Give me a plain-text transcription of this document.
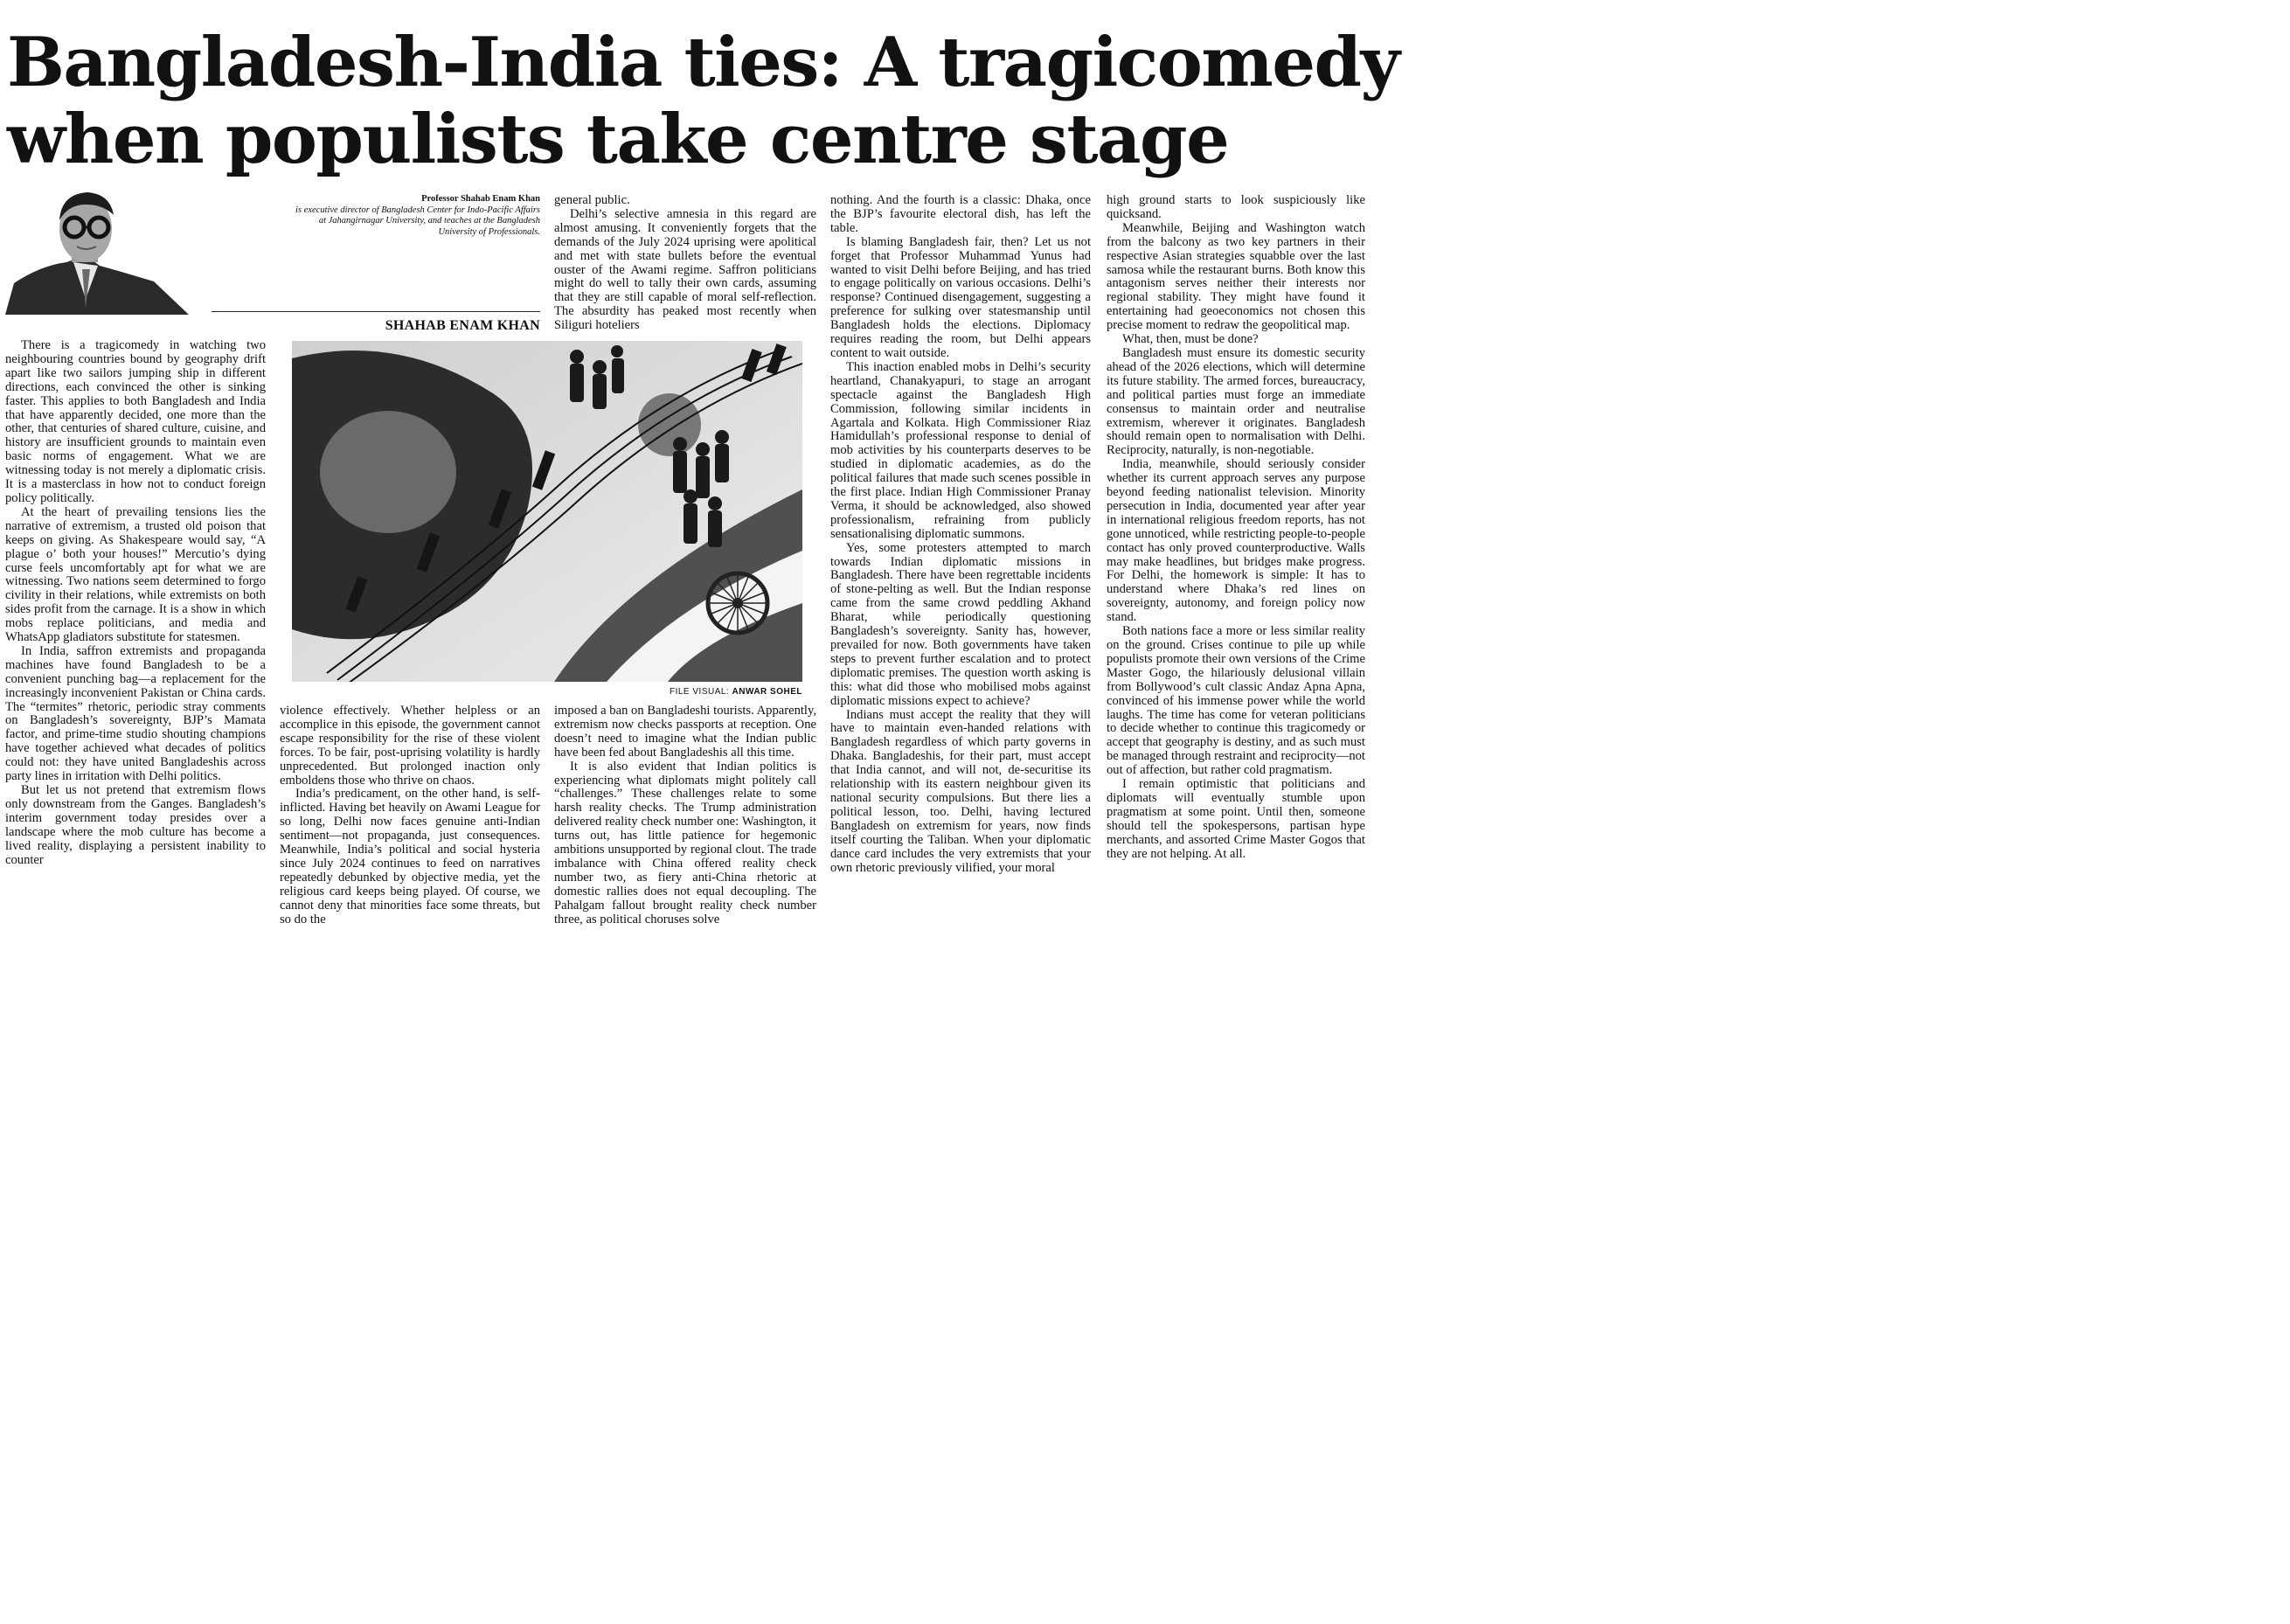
Bangladesh-India ties: A tragicomedy
when populists take centre stage
Professor Shahab Enam Khan
is executive director of Bangladesh Center for Indo-Pacific Affairs at Jahangirnagar University, and teaches at the Bangladesh University of Professionals.
SHAHAB ENAM KHAN

There is a tragicomedy in watching two neighbouring countries bound by geography drift apart like two sailors jumping ship in different directions, each convinced the other is sinking faster. This applies to both Bangladesh and India that have apparently decided, one more than the other, that centuries of shared culture, cuisine, and history are insufficient grounds to maintain even basic norms of engagement. What we are witnessing today is not merely a diplomatic crisis. It is a masterclass in how not to conduct foreign policy politically.

At the heart of prevailing tensions lies the narrative of extremism, a trusted old poison that keeps on giving. As Shakespeare would say, “A plague o’ both your houses!” Mercutio’s dying curse feels uncomfortably apt for what we are witnessing. Two nations seem determined to forgo civility in their relations, while extremists on both sides profit from the carnage. It is a show in which mobs replace politicians, and media and WhatsApp gladiators substitute for statesmen.

In India, saffron extremists and propaganda machines have found Bangladesh to be a convenient punching bag—a replacement for the increasingly inconvenient Pakistan or China cards. The “termites” rhetoric, periodic stray comments on Bangladesh’s sovereignty, BJP’s Mamata factor, and prime-time studio shouting champions have together achieved what decades of politics could not: they have united Bangladeshis across party lines in irritation with Delhi politics.

But let us not pretend that extremism flows only downstream from the Ganges. Bangladesh’s interim government today presides over a landscape where the mob culture has become a lived reality, displaying a persistent inability to counter

violence effectively. Whether helpless or an accomplice in this episode, the government cannot escape responsibility for the rise of these violent forces. To be fair, post-uprising volatility is hardly unprecedented. But prolonged inaction only emboldens those who thrive on chaos.

India’s predicament, on the other hand, is self-inflicted. Having bet heavily on Awami League for so long, Delhi now faces genuine anti-Indian sentiment—not propaganda, just consequences. Meanwhile, India’s political and social hysteria since July 2024 continues to feed on narratives repeatedly debunked by objective media, yet the religious card keeps being played. Of course, we cannot deny that minorities face some threats, but so do the

general public.

Delhi’s selective amnesia in this regard are almost amusing. It conveniently forgets that the demands of the July 2024 uprising were apolitical and met with state bullets before the eventual ouster of the Awami regime. Saffron politicians might do well to tally their own cards, assuming that they are still capable of moral self-reflection. The absurdity has peaked most recently when Siliguri hoteliers

imposed a ban on Bangladeshi tourists. Apparently, extremism now checks passports at reception. One doesn’t need to imagine what the Indian public have been fed about Bangladeshis all this time.

It is also evident that Indian politics is experiencing what diplomats might politely call “challenges.” These challenges relate to some harsh reality checks. The Trump administration delivered reality check number one: Washington, it turns out, has little patience for hegemonic ambitions unsupported by regional clout. The trade imbalance with China offered reality check number two, as fiery anti-China rhetoric at domestic rallies does not equal decoupling. The Pahalgam fallout brought reality check number three, as political choruses solve

nothing. And the fourth is a classic: Dhaka, once the BJP’s favourite electoral dish, has left the table.

Is blaming Bangladesh fair, then? Let us not forget that Professor Muhammad Yunus had wanted to visit Delhi before Beijing, and has tried to engage politically on various occasions. Delhi’s response? Continued disengagement, suggesting a preference for sulking over statesmanship until Bangladesh holds the elections. Diplomacy requires reading the room, but Delhi appears content to wait outside.

This inaction enabled mobs in Delhi’s security heartland, Chanakyapuri, to stage an arrogant spectacle against the Bangladesh High Commission, following similar incidents in Agartala and Kolkata. High Commissioner Riaz Hamidullah’s professional response to denial of mob activities by his counterparts deserves to be studied in diplomatic academies, as do the political failures that made such scenes possible in the first place. Indian High Commissioner Pranay Verma, it should be acknowledged, also showed professionalism, refraining from publicly sensationalising diplomatic summons.

Yes, some protesters attempted to march towards Indian diplomatic missions in Bangladesh. There have been regrettable incidents of stone-pelting as well. But the Indian response came from the same crowd peddling Akhand Bharat, while periodically questioning Bangladesh’s sovereignty. Sanity has, however, prevailed for now. Both governments have taken steps to prevent further escalation and to protect diplomatic premises. The question worth asking is this: what did those who mobilised mobs against diplomatic missions expect to achieve?

Indians must accept the reality that they will have to maintain even-handed relations with Bangladesh regardless of which party governs in Dhaka. Bangladeshis, for their part, must accept that India cannot, and will not, de-securitise its relationship with its eastern neighbour given its national security compulsions. But there lies a political lesson, too. Delhi, having lectured Bangladesh on extremism for years, now finds itself courting the Taliban. When your diplomatic dance card includes the very extremists that your own rhetoric previously vilified, your moral

high ground starts to look suspiciously like quicksand.

Meanwhile, Beijing and Washington watch from the balcony as two key partners in their respective Asian strategies squabble over the last samosa while the restaurant burns. Both know this antagonism serves neither their interests nor regional stability. They might have found it entertaining had geoeconomics not chosen this precise moment to redraw the geopolitical map.

What, then, must be done?

Bangladesh must ensure its domestic security ahead of the 2026 elections, which will determine its future stability. The armed forces, bureaucracy, and political parties must forge an immediate consensus to maintain order and neutralise extremism, wherever it originates. Bangladesh should remain open to normalisation with Delhi. Reciprocity, naturally, is non-negotiable.

India, meanwhile, should seriously consider whether its current approach serves any purpose beyond feeding nationalist television. Minority persecution in India, documented year after year in international religious freedom reports, has not gone unnoticed, while restricting people-to-people contact has only proved counterproductive. Walls may make headlines, but bridges make progress. For Delhi, the homework is simple: It has to understand where Dhaka’s red lines on sovereignty, autonomy, and foreign policy now stand.

Both nations face a more or less similar reality on the ground. Crises continue to pile up while populists promote their own versions of the Crime Master Gogo, the hilariously delusional villain from Bollywood’s cult classic Andaz Apna Apna, convinced of his immense power while the world laughs. The time has come for veteran politicians to decide whether to continue this tragicomedy or accept that geography is destiny, and as such must be managed through restraint and reciprocity—not out of affection, but rather cold pragmatism.

I remain optimistic that politicians and diplomats will eventually stumble upon pragmatism at some point. Until then, someone should tell the spokespersons, partisan hype merchants, and assorted Crime Master Gogos that they are not helping. At all.

FILE VISUAL: ANWAR SOHEL
